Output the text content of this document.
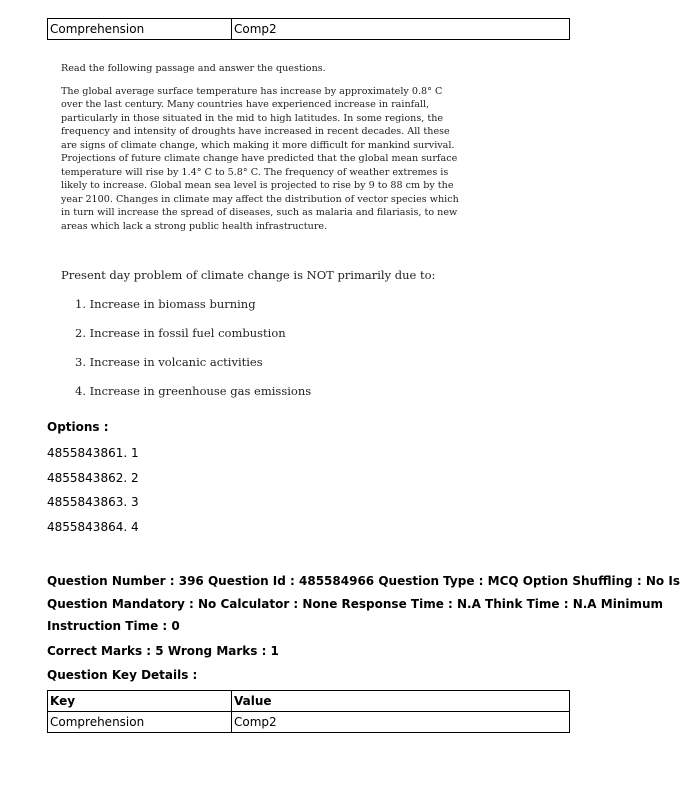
Comprehension	Comp2

Read the following passage and answer the questions.

The global average surface temperature has increase by approximately 0.8° C over the last century. Many countries have experienced increase in rainfall, particularly in those situated in the mid to high latitudes. In some regions, the frequency and intensity of droughts have increased in recent decades. All these are signs of climate change, which making it more difficult for mankind survival. Projections of future climate change have predicted that the global mean surface temperature will rise by 1.4° C to 5.8° C. The frequency of weather extremes is likely to increase. Global mean sea level is projected to rise by 9 to 88 cm by the year 2100. Changes in climate may affect the distribution of vector species which in turn will increase the spread of diseases, such as malaria and filariasis, to new areas which lack a strong public health infrastructure.

Present day problem of climate change is NOT primarily due to:

1. Increase in biomass burning

2. Increase in fossil fuel combustion

3. Increase in volcanic activities

4. Increase in greenhouse gas emissions

Options :
4855843861. 1
4855843862. 2
4855843863. 3
4855843864. 4
Question Number : 396 Question Id : 485584966 Question Type : MCQ Option Shuffling : No Is
Question Mandatory : No Calculator : None Response Time : N.A Think Time : N.A Minimum
Instruction Time : 0
Correct Marks : 5 Wrong Marks : 1
Question Key Details :
Key	Value
Comprehension	Comp2
